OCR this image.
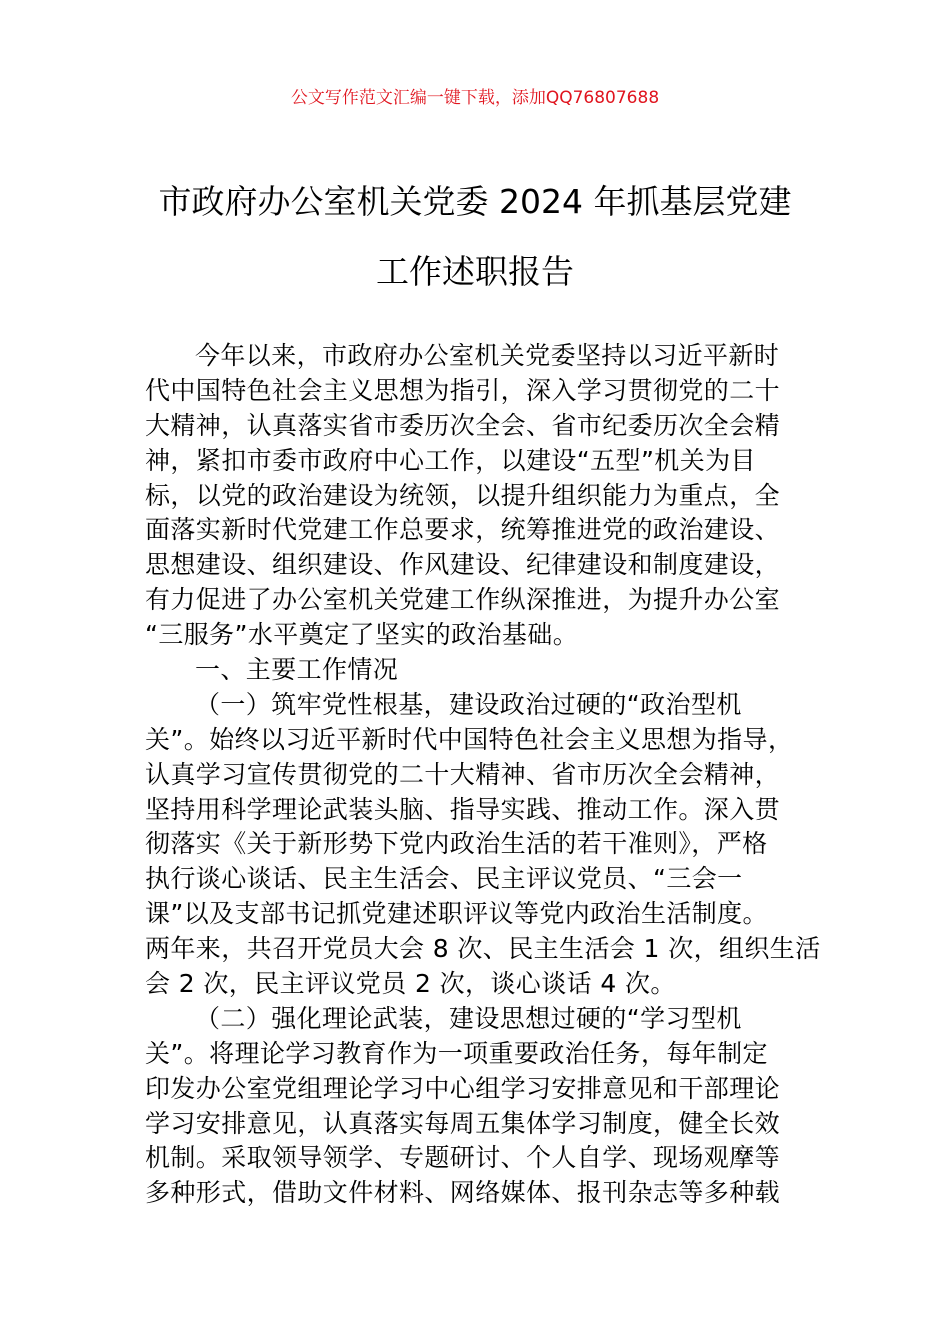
公文写作范文汇编一键下载，添加QQ76807688
市政府办公室机关党委 2024 年抓基层党建
工作述职报告
今年以来，市政府办公室机关党委坚持以习近平新时
代中国特色社会主义思想为指引，深入学习贯彻党的二十
大精神，认真落实省市委历次全会、省市纪委历次全会精
神，紧扣市委市政府中心工作，以建设“五型”机关为目
标，以党的政治建设为统领，以提升组织能力为重点，全
面落实新时代党建工作总要求，统筹推进党的政治建设、
思想建设、组织建设、作风建设、纪律建设和制度建设，
有力促进了办公室机关党建工作纵深推进，为提升办公室
“三服务”水平奠定了坚实的政治基础。
一、主要工作情况
（一）筑牢党性根基，建设政治过硬的“政治型机
关”。始终以习近平新时代中国特色社会主义思想为指导，
认真学习宣传贯彻党的二十大精神、省市历次全会精神，
坚持用科学理论武装头脑、指导实践、推动工作。深入贯
彻落实《关于新形势下党内政治生活的若干准则》，严格
执行谈心谈话、民主生活会、民主评议党员、“三会一
课”以及支部书记抓党建述职评议等党内政治生活制度。
两年来，共召开党员大会 8 次、民主生活会 1 次，组织生活
会 2 次，民主评议党员 2 次，谈心谈话 4 次。
（二）强化理论武装，建设思想过硬的“学习型机
关”。将理论学习教育作为一项重要政治任务，每年制定
印发办公室党组理论学习中心组学习安排意见和干部理论
学习安排意见，认真落实每周五集体学习制度，健全长效
机制。采取领导领学、专题研讨、个人自学、现场观摩等
多种形式，借助文件材料、网络媒体、报刊杂志等多种载
